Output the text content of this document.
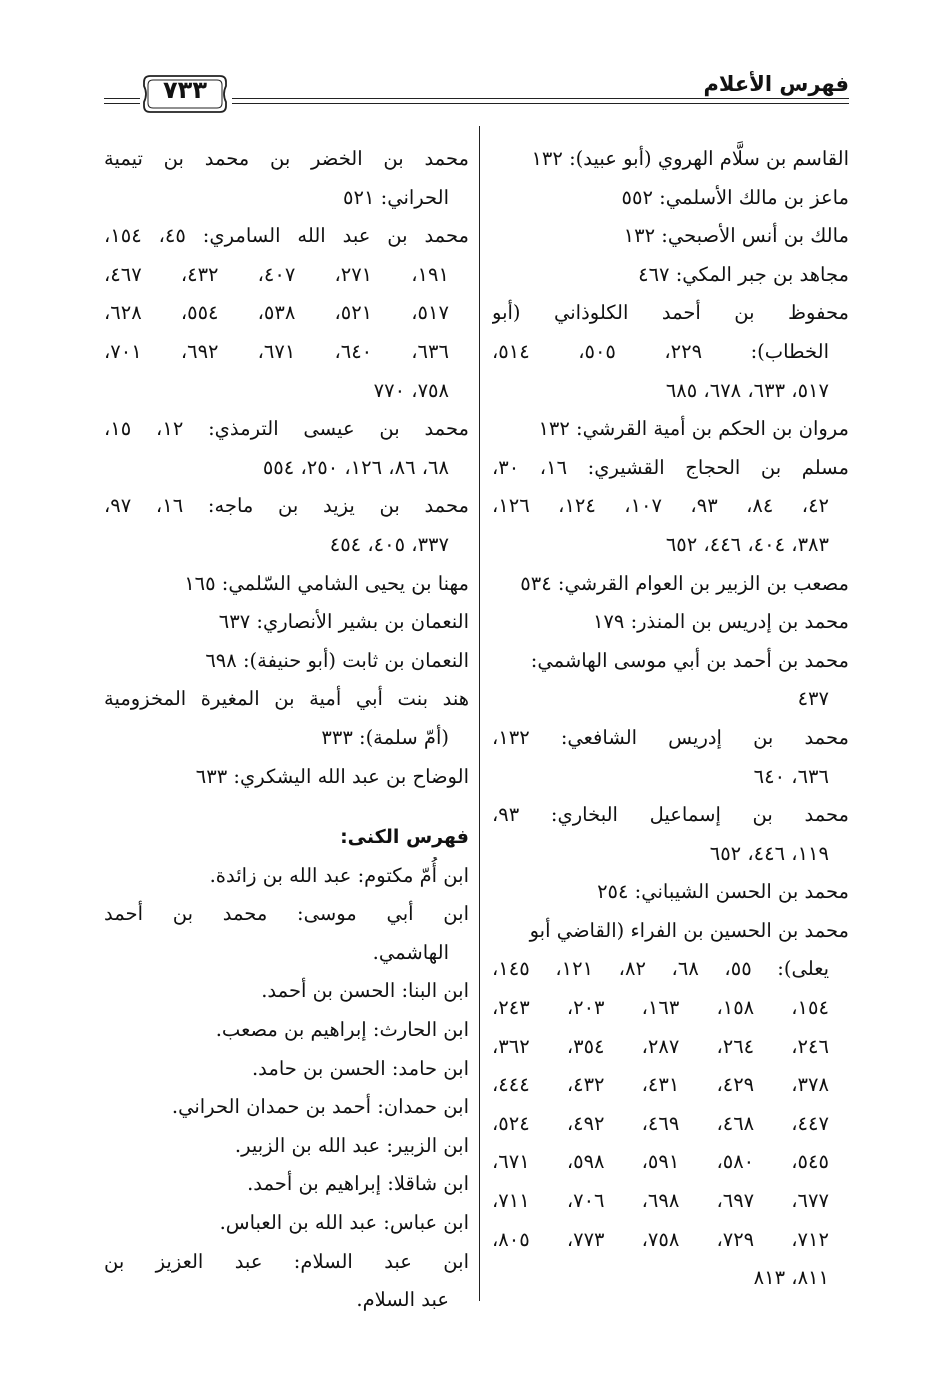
فهرس الأعلام
٧٣٣
القاسم بن سلَّام الهروي (أبو عبيد): ١٣٢
ماعز بن مالك الأسلمي: ٥٥٢
مالك بن أنس الأصبحي: ١٣٢
مجاهد بن جبر المكي: ٤٦٧
محفوظ بن أحمد الكلوذاني (أبو
الخطاب): ٢٢٩، ٥٠٥، ٥١٤،
٥١٧، ٦٣٣، ٦٧٨، ٦٨٥
مروان بن الحكم بن أمية القرشي: ١٣٢
مسلم بن الحجاج القشيري: ١٦، ٣٠،
٤٢، ٨٤، ٩٣، ١٠٧، ١٢٤، ١٢٦،
٣٨٣، ٤٠٤، ٤٤٦، ٦٥٢
مصعب بن الزبير بن العوام القرشي: ٥٣٤
محمد بن إدريس بن المنذر: ١٧٩
محمد بن أحمد بن أبي موسى الهاشمي:
٤٣٧
محمد بن إدريس الشافعي: ١٣٢،
٦٣٦، ٦٤٠
محمد بن إسماعيل البخاري: ٩٣،
١١٩، ٤٤٦، ٦٥٢
محمد بن الحسن الشيباني: ٢٥٤
محمد بن الحسين بن الفراء (القاضي أبو
يعلى): ٥٥، ٦٨، ٨٢، ١٢١، ١٤٥،
١٥٤، ١٥٨، ١٦٣، ٢٠٣، ٢٤٣،
٢٤٦، ٢٦٤، ٢٨٧، ٣٥٤، ٣٦٢،
٣٧٨، ٤٢٩، ٤٣١، ٤٣٢، ٤٤٤،
٤٤٧، ٤٦٨، ٤٦٩، ٤٩٢، ٥٢٤،
٥٤٥، ٥٨٠، ٥٩١، ٥٩٨، ٦٧١،
٦٧٧، ٦٩٧، ٦٩٨، ٧٠٦، ٧١١،
٧١٢، ٧٢٩، ٧٥٨، ٧٧٣، ٨٠٥،
٨١١، ٨١٣
محمد بن الخضر بن محمد بن تيمية
الحراني: ٥٢١
محمد بن عبد الله السامري: ٤٥، ١٥٤،
١٩١، ٢٧١، ٤٠٧، ٤٣٢، ٤٦٧،
٥١٧، ٥٢١، ٥٣٨، ٥٥٤، ٦٢٨،
٦٣٦، ٦٤٠، ٦٧١، ٦٩٢، ٧٠١،
٧٥٨، ٧٧٠
محمد بن عيسى الترمذي: ١٢، ١٥،
٦٨، ٨٦، ١٢٦، ٢٥٠، ٥٥٤
محمد بن يزيد بن ماجه: ١٦، ٩٧،
٣٣٧، ٤٠٥، ٤٥٤
مهنا بن يحيى الشامي السّلمي: ١٦٥
النعمان بن بشير الأنصاري: ٦٣٧
النعمان بن ثابت (أبو حنيفة): ٦٩٨
هند بنت أبي أمية بن المغيرة المخزومية
(أمّ سلمة): ٣٣٣
الوضاح بن عبد الله اليشكري: ٦٣٣
فهرس الكنى:
ابن أُمّ مكتوم: عبد الله بن زائدة.
ابن أبي موسى: محمد بن أحمد
الهاشمي.
ابن البنا: الحسن بن أحمد.
ابن الحارث: إبراهيم بن مصعب.
ابن حامد: الحسن بن حامد.
ابن حمدان: أحمد بن حمدان الحراني.
ابن الزبير: عبد الله بن الزبير.
ابن شاقلا: إبراهيم بن أحمد.
ابن عباس: عبد الله بن العباس.
ابن عبد السلام: عبد العزيز بن
عبد السلام.
